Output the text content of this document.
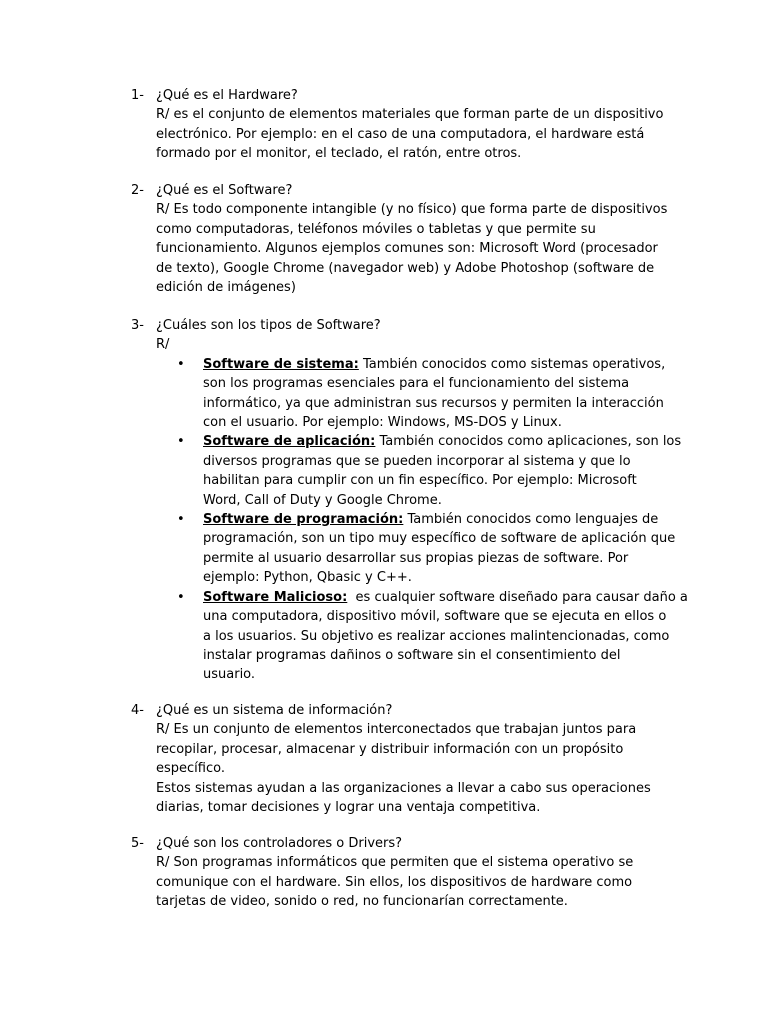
1- ¿Qué es el Hardware?
R/ es el conjunto de elementos materiales que forman parte de un dispositivo
electrónico. Por ejemplo: en el caso de una computadora, el hardware está
formado por el monitor, el teclado, el ratón, entre otros.
2- ¿Qué es el Software?
R/ Es todo componente intangible (y no físico) que forma parte de dispositivos
como computadoras, teléfonos móviles o tabletas y que permite su
funcionamiento. Algunos ejemplos comunes son: Microsoft Word (procesador
de texto), Google Chrome (navegador web) y Adobe Photoshop (software de
edición de imágenes)
3- ¿Cuáles son los tipos de Software?
R/
• Software de sistema: También conocidos como sistemas operativos,
son los programas esenciales para el funcionamiento del sistema
informático, ya que administran sus recursos y permiten la interacción
con el usuario. Por ejemplo: Windows, MS-DOS y Linux.
• Software de aplicación: También conocidos como aplicaciones, son los
diversos programas que se pueden incorporar al sistema y que lo
habilitan para cumplir con un fin específico. Por ejemplo: Microsoft
Word, Call of Duty y Google Chrome.
• Software de programación: También conocidos como lenguajes de
programación, son un tipo muy específico de software de aplicación que
permite al usuario desarrollar sus propias piezas de software. Por
ejemplo: Python, Qbasic y C++.
• Software Malicioso:  es cualquier software diseñado para causar daño a
una computadora, dispositivo móvil, software que se ejecuta en ellos o
a los usuarios. Su objetivo es realizar acciones malintencionadas, como
instalar programas dañinos o software sin el consentimiento del
usuario.
4- ¿Qué es un sistema de información?
R/ Es un conjunto de elementos interconectados que trabajan juntos para
recopilar, procesar, almacenar y distribuir información con un propósito
específico.
Estos sistemas ayudan a las organizaciones a llevar a cabo sus operaciones
diarias, tomar decisiones y lograr una ventaja competitiva.
5- ¿Qué son los controladores o Drivers?
R/ Son programas informáticos que permiten que el sistema operativo se
comunique con el hardware. Sin ellos, los dispositivos de hardware como
tarjetas de video, sonido o red, no funcionarían correctamente.
